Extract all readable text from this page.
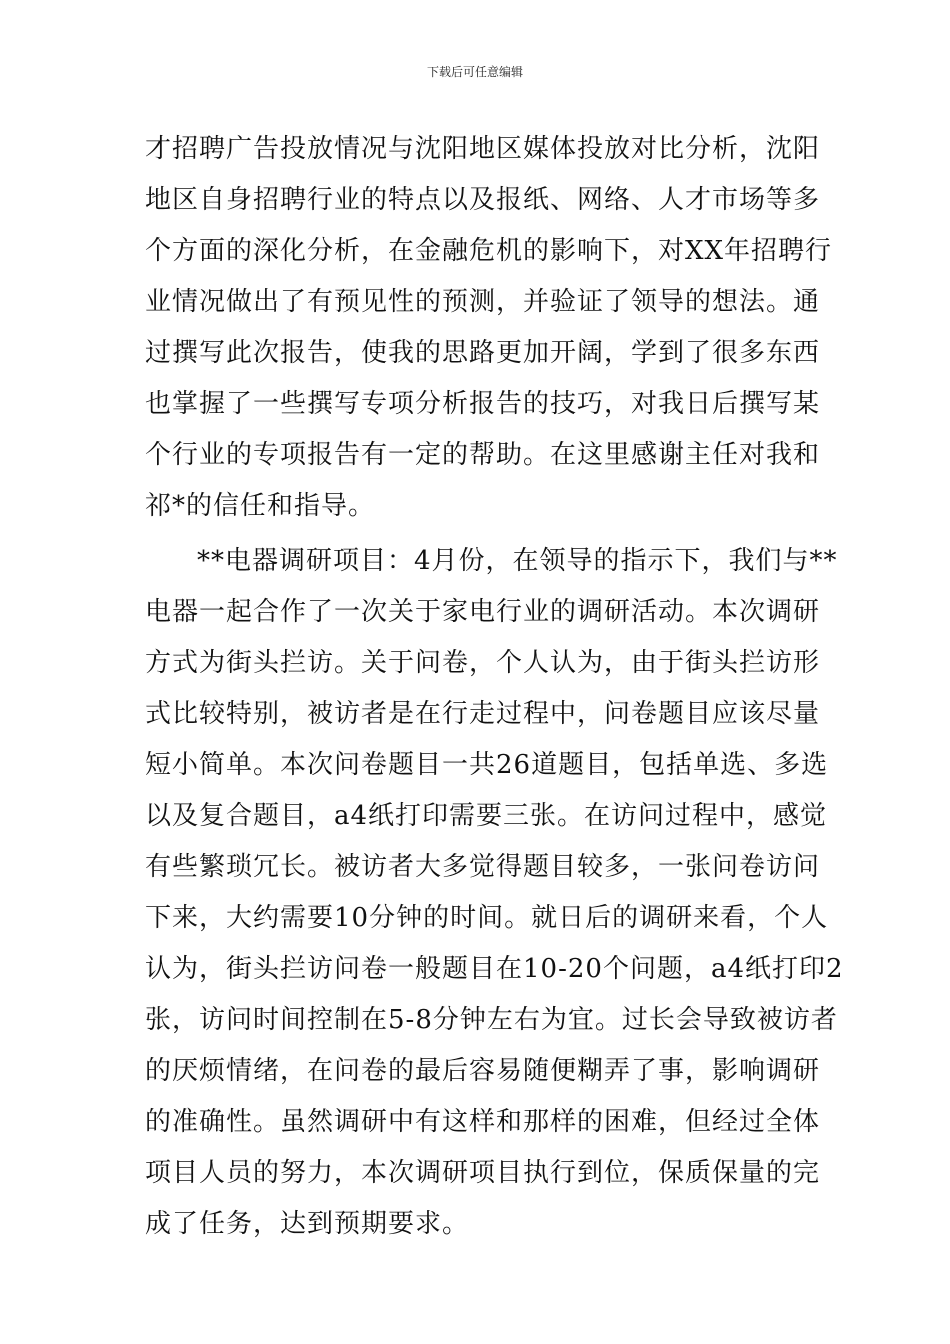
下载后可任意编辑
才招聘广告投放情况与沈阳地区媒体投放对比分析，沈阳
地区自身招聘行业的特点以及报纸、网络、人才市场等多
个方面的深化分析，在金融危机的影响下，对XX年招聘行
业情况做出了有预见性的预测，并验证了领导的想法。通
过撰写此次报告，使我的思路更加开阔，学到了很多东西
也掌握了一些撰写专项分析报告的技巧，对我日后撰写某
个行业的专项报告有一定的帮助。在这里感谢主任对我和
祁*的信任和指导。
**电器调研项目：4月份，在领导的指示下，我们与**
电器一起合作了一次关于家电行业的调研活动。本次调研
方式为街头拦访。关于问卷，个人认为，由于街头拦访形
式比较特别，被访者是在行走过程中，问卷题目应该尽量
短小简单。本次问卷题目一共26道题目，包括单选、多选
以及复合题目，a4纸打印需要三张。在访问过程中，感觉
有些繁琐冗长。被访者大多觉得题目较多，一张问卷访问
下来，大约需要10分钟的时间。就日后的调研来看，个人
认为，街头拦访问卷一般题目在10-20个问题，a4纸打印2
张，访问时间控制在5-8分钟左右为宜。过长会导致被访者
的厌烦情绪，在问卷的最后容易随便糊弄了事，影响调研
的准确性。虽然调研中有这样和那样的困难，但经过全体
项目人员的努力，本次调研项目执行到位，保质保量的完
成了任务，达到预期要求。
